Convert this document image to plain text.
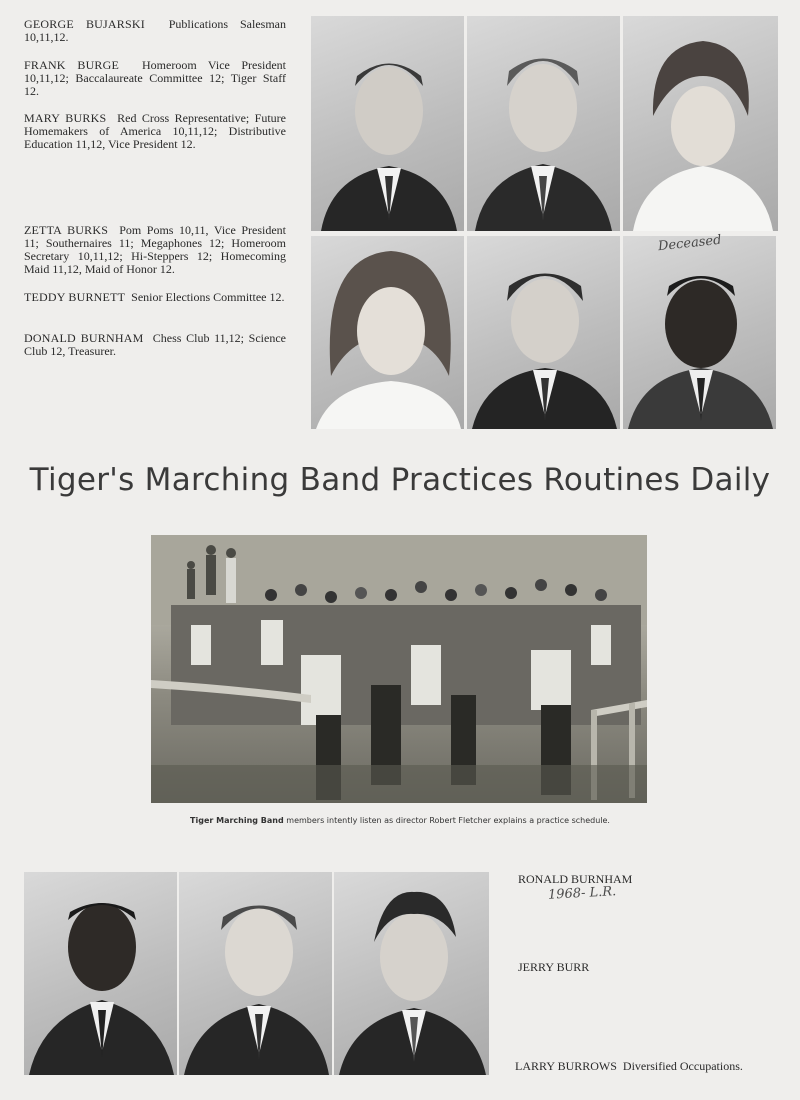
GEORGE BUJARSKI Publications Salesman 10,11,12.
FRANK BURGE Homeroom Vice President 10,11,12; Baccalaureate Committee 12; Tiger Staff 12.
MARY BURKS Red Cross Representative; Future Homemakers of America 10,11,12; Distributive Education 11,12, Vice President 12.
ZETTA BURKS Pom Poms 10,11, Vice President 11; Southernaires 11; Megaphones 12; Homeroom Secretary 10,11,12; Hi-Steppers 12; Homecoming Maid 11,12, Maid of Honor 12.
TEDDY BURNETT Senior Elections Committee 12.
DONALD BURNHAM Chess Club 11,12; Science Club 12, Treasurer.
Deceased
Tiger's Marching Band Practices Routines Daily
Tiger Marching Band members intently listen as director Robert Fletcher explains a practice schedule.
RONALD BURNHAM
1968- L.R.
JERRY BURR
LARRY BURROWS Diversified Occupations.
